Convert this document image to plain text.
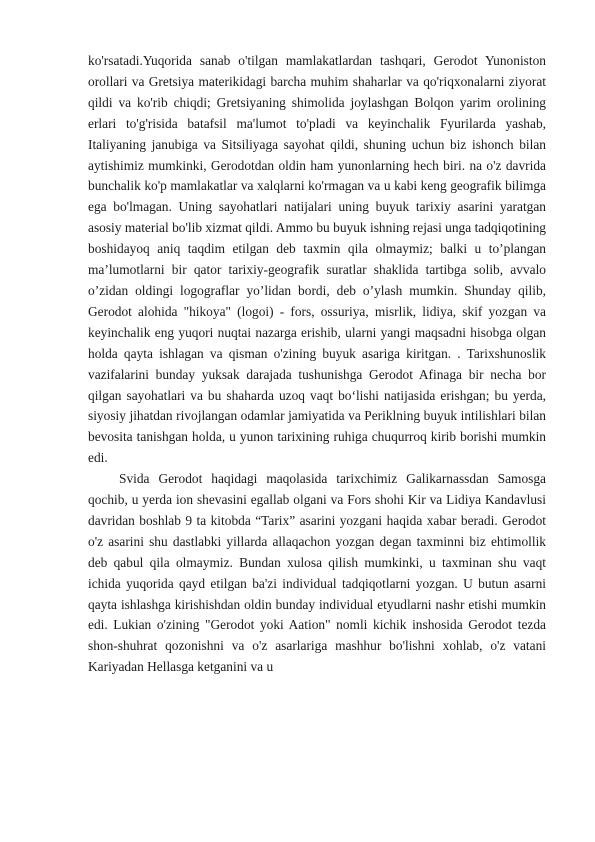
ko'rsatadi.Yuqorida sanab o'tilgan mamlakatlardan tashqari, Gerodot Yunoniston orollari va Gretsiya materikidagi barcha muhim shaharlar va qo'riqxonalarni ziyorat qildi va ko'rib chiqdi; Gretsiyaning shimolida joylashgan Bolqon yarim orolining erlari to'g'risida batafsil ma'lumot to'pladi va keyinchalik Fyurilarda yashab, Italiyaning janubiga va Sitsiliyaga sayohat qildi, shuning uchun biz ishonch bilan aytishimiz mumkinki, Gerodotdan oldin ham yunonlarning hech biri. na o'z davrida bunchalik ko'p mamlakatlar va xalqlarni ko'rmagan va u kabi keng geografik bilimga ega bo'lmagan. Uning sayohatlari natijalari uning buyuk tarixiy asarini yaratgan asosiy material bo'lib xizmat qildi. Ammo bu buyuk ishning rejasi unga tadqiqotining boshidayoq aniq taqdim etilgan deb taxmin qila olmaymiz; balki u to’plangan ma’lumotlarni bir qator tarixiy-geografik suratlar shaklida tartibga solib, avvalo o’zidan oldingi logograflar yo’lidan bordi, deb o’ylash mumkin. Shunday qilib, Gerodot alohida "hikoya" (logoi) - fors, ossuriya, misrlik, lidiya, skif yozgan va keyinchalik eng yuqori nuqtai nazarga erishib, ularni yangi maqsadni hisobga olgan holda qayta ishlagan va qisman o'zining buyuk asariga kiritgan. . Tarixshunoslik vazifalarini bunday yuksak darajada tushunishga Gerodot Afinaga bir necha bor qilgan sayohatlari va bu shaharda uzoq vaqt bo‘lishi natijasida erishgan; bu yerda, siyosiy jihatdan rivojlangan odamlar jamiyatida va Periklning buyuk intilishlari bilan bevosita tanishgan holda, u yunon tarixining ruhiga chuqurroq kirib borishi mumkin edi.

Svida Gerodot haqidagi maqolasida tarixchimiz Galikarnassdan Samosga qochib, u yerda ion shevasini egallab olgani va Fors shohi Kir va Lidiya Kandavlusi davridan boshlab 9 ta kitobda “Tarix” asarini yozgani haqida xabar beradi. Gerodot o'z asarini shu dastlabki yillarda allaqachon yozgan degan taxminni biz ehtimollik deb qabul qila olmaymiz. Bundan xulosa qilish mumkinki, u taxminan shu vaqt ichida yuqorida qayd etilgan ba'zi individual tadqiqotlarni yozgan. U butun asarni qayta ishlashga kirishishdan oldin bunday individual etyudlarni nashr etishi mumkin edi. Lukian o'zining "Gerodot yoki Aation" nomli kichik inshosida Gerodot tezda shon-shuhrat qozonishni va o'z asarlariga mashhur bo'lishni xohlab, o'z vatani Kariyadan Hellasga ketganini va u
